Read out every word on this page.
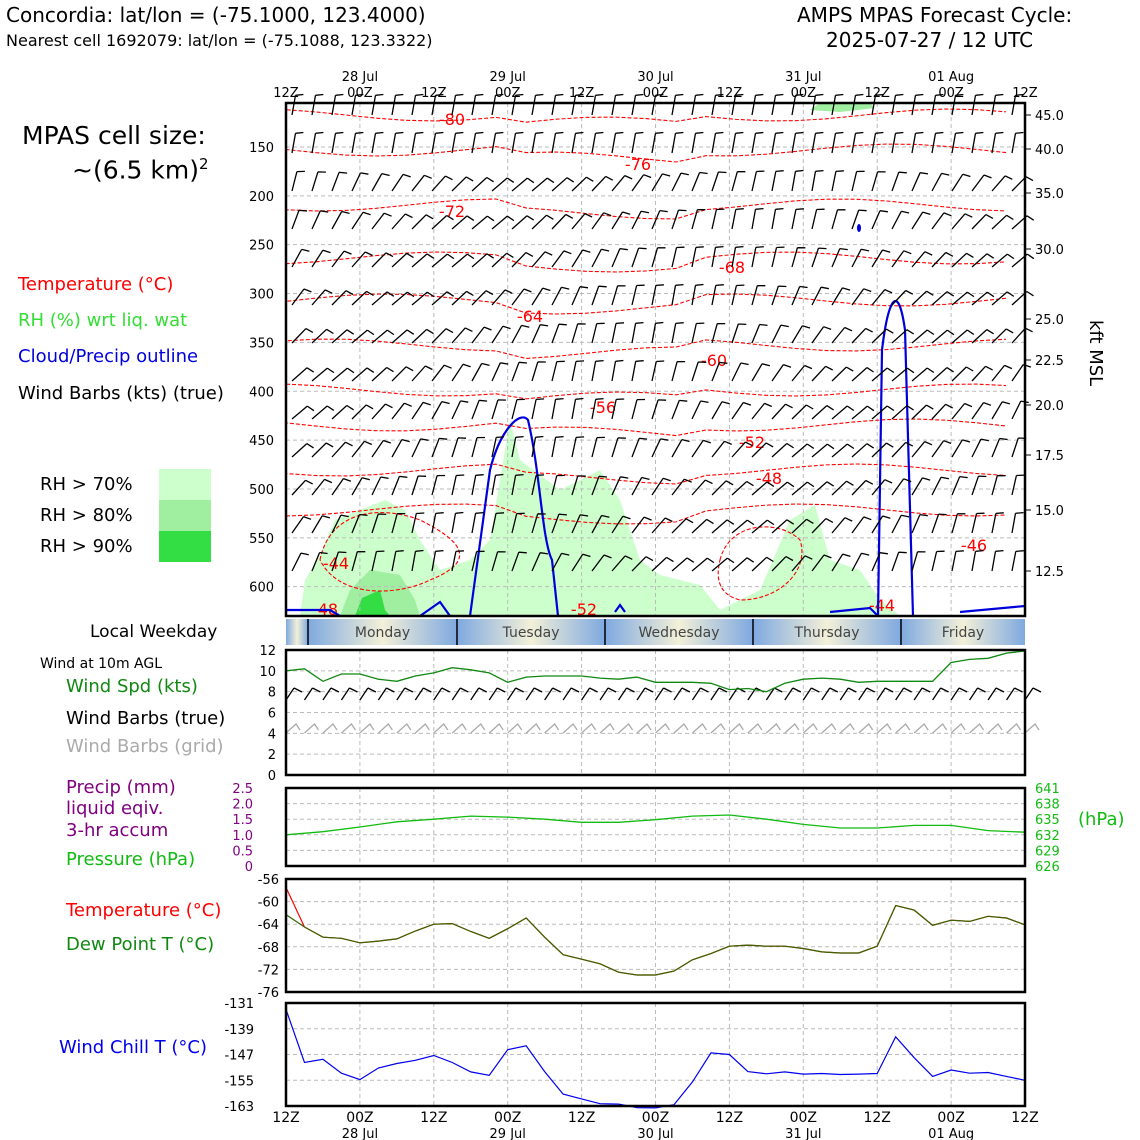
Concordia: lat/lon = (-75.1000, 123.4000)
Nearest cell 1692079: lat/lon = (-75.1088, 123.3322)
AMPS MPAS Forecast Cycle:
2025-07-27 / 12 UTC
MPAS cell size:
~(6.5 km)$^2$
Temperature (°C)
RH (%) wrt liq. wat
Cloud/Precip outline
Wind Barbs (kts) (true)
RH > 70%
RH > 80%
RH > 90%
Local Weekday
Wind at 10m AGL
Wind Spd (kts)
Wind Barbs (true)
Wind Barbs (grid)
Precip (mm)
liquid eqiv.
3-hr accum
Pressure (hPa)
Temperature (°C)
Dew Point T (°C)
Wind Chill T (°C)
(hPa)
kft MSL
150
200
250
300
350
400
450
500
550
600
12Z	00Z	12Z	00Z	12Z	00Z	12Z	00Z	12Z	00Z	12Z
28 Jul	29 Jul	30 Jul	31 Jul	01 Aug
45.0
40.0
35.0
30.0
25.0
22.5
20.0
17.5
15.0
12.5
-80
-76
-72
-68
-64
-60
-56
-52
-48
-46
-44
-48	-52	-44
Monday	Tuesday	Wednesday	Thursday	Friday
12
10
8
6
4
2
0
2.5	641
2.0	638
1.5	635
1.0	632
0.5	629
0	626
-56
-60
-64
-68
-72
-76
-131
-139
-147
-155
-163
12Z	00Z	12Z	00Z	12Z	00Z	12Z	00Z	12Z	00Z	12Z
28 Jul	29 Jul	30 Jul	31 Jul	01 Aug
